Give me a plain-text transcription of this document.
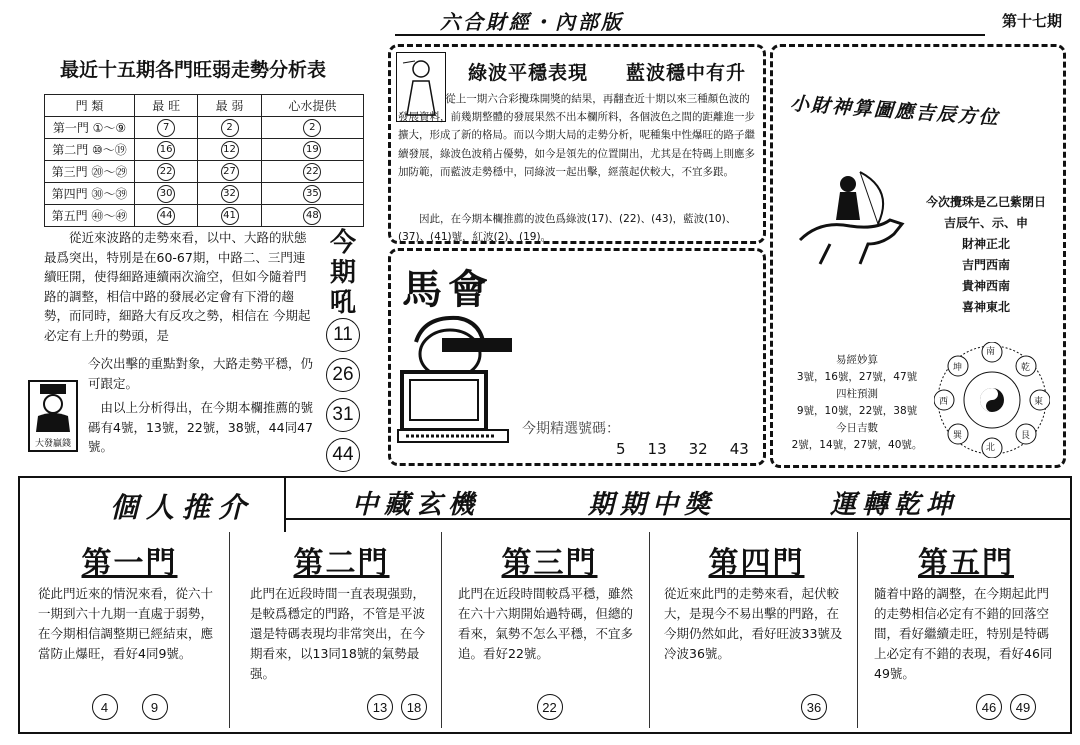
六合財經・內部版	第十七期
最近十五期各門旺弱走勢分析表
門 類	最 旺	最 弱	心水提供
第一門 ①～⑨	7	2	2
第二門 ⑩～⑲	16	12	19
第三門 ⑳～㉙	22	27	22
第四門 ㉚～㊴	30	32	35
第五門 ㊵～㊾	44	41	48
從近來波路的走勢來看，以中、大路的狀態最爲突出，特別是在60-67期，中路二、三門連續旺開，使得細路連續兩次淪空，但如今隨着門路的調整，相信中路的發展必定會有下滑的趨勢，而同時，細路大有反攻之勢，相信在 今期起必定有上升的勢頭，是
今次出擊的重點對象，大路走勢平穩，仍可跟定。
大發贏錢
由以上分析得出，在今期本欄推薦的號碼有4號，13號，22號，38號，44同47號。
今期吼
11 26 31 44
綠波平穩表現 藍波穩中有升
從上一期六合彩攪珠開獎的結果，再翻查近十期以來三種顏色波的發展資料，前幾期整體的發展果然不出本欄所料，各個波色之間的距離進一步擴大，形成了新的格局。而以今期大局的走勢分析，呢種集中性爆旺的路子繼續發展，綠波色波稍占優勢，如今是領先的位置開出，尤其是在特碼上則應多加防範，而藍波走勢穩中，同綠波一起出擊，經蒗起伏較大，不宜多跟。
因此，在今期本欄推薦的波色爲綠波(17)、(22)、(43)，藍波(10)、(37)、(41)號，紅波(2)、(19)。
馬會
今期精選號碼：
5 13 32 43
小財神算圖應吉辰方位
今次攪珠是乙巳紫閉日
吉辰午、示、申
財神正北
吉門西南
貴神西南
喜神東北
易經妙算
3號，16號，27號，47號
四柱預測
9號，10號，22號，38號
今日吉數
2號，14號，27號，40號。
南
北
東
西
坤	乾
巽	艮
個人推介	中藏玄機	期期中獎	運轉乾坤
第一門
從此門近來的情況來看，從六十一期到六十九期一直處于弱勢，在今期相信調整期已經結束，應當防止爆旺，看好4同9號。
4	9
第二門
此門在近段時間一直表現强勁，是較爲穩定的門路，不管是平波還是特碼表現均非常突出，在今期看來，以13同18號的氣勢最强。
13	18
第三門
此門在近段時間較爲平穩，雖然在六十六期開始過特碼，但總的看來，氣勢不怎么平穩，不宜多追。看好22號。
22
第四門
從近來此門的走勢來看，起伏較大，是現今不易出擊的門路，在今期仍然如此，看好旺波33號及冷波36號。
36
第五門
隨着中路的調整，在今期起此門的走勢相信必定有不錯的回落空間，看好繼續走旺，特别是特碼上必定有不錯的表現，看好46同49號。
46	49
